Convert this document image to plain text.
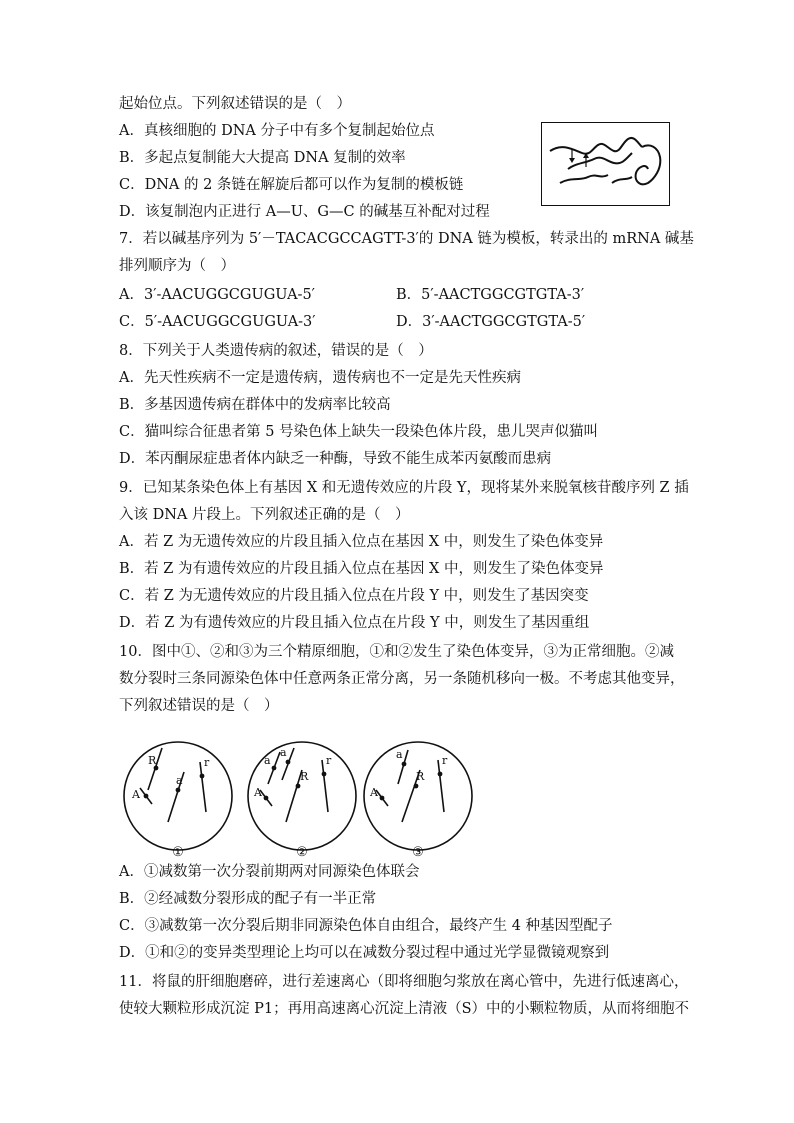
起始位点。下列叙述错误的是（　）
A．真核细胞的 DNA 分子中有多个复制起始位点
B．多起点复制能大大提高 DNA 复制的效率
C．DNA 的 2 条链在解旋后都可以作为复制的模板链
D．该复制泡内正进行 A—U、G—C 的碱基互补配对过程
7．若以碱基序列为 5′－TACACGCCAGTT-3′的 DNA 链为模板，转录出的 mRNA 碱基
排列顺序为（　）
A．3′-AACUGGCGUGUA-5′	B．5′-AACTGGCGTGTA-3′
C．5′-AACUGGCGUGUA-3′	D．3′-AACTGGCGTGTA-5′
8．下列关于人类遗传病的叙述，错误的是（　）
A．先天性疾病不一定是遗传病，遗传病也不一定是先天性疾病
B．多基因遗传病在群体中的发病率比较高
C．猫叫综合征患者第 5 号染色体上缺失一段染色体片段，患儿哭声似猫叫
D．苯丙酮尿症患者体内缺乏一种酶，导致不能生成苯丙氨酸而患病
9．已知某条染色体上有基因 X 和无遗传效应的片段 Y，现将某外来脱氧核苷酸序列 Z 插
入该 DNA 片段上。下列叙述正确的是（　）
A．若 Z 为无遗传效应的片段且插入位点在基因 X 中，则发生了染色体变异
B．若 Z 为有遗传效应的片段且插入位点在基因 X 中，则发生了染色体变异
C．若 Z 为无遗传效应的片段且插入位点在片段 Y 中，则发生了基因突变
D．若 Z 为有遗传效应的片段且插入位点在片段 Y 中，则发生了基因重组
10．图中①、②和③为三个精原细胞，①和②发生了染色体变异，③为正常细胞。②减
数分裂时三条同源染色体中任意两条正常分离，另一条随机移向一极。不考虑其他变异，
下列叙述错误的是（　）
R
A
a
r	a
a
A
R
r	a
A
R
r
①	②	③
A．①减数第一次分裂前期两对同源染色体联会
B．②经减数分裂形成的配子有一半正常
C．③减数第一次分裂后期非同源染色体自由组合，最终产生 4 种基因型配子
D．①和②的变异类型理论上均可以在减数分裂过程中通过光学显微镜观察到
11．将鼠的肝细胞磨碎，进行差速离心（即将细胞匀浆放在离心管中，先进行低速离心，
使较大颗粒形成沉淀 P1；再用高速离心沉淀上清液（S）中的小颗粒物质，从而将细胞不
